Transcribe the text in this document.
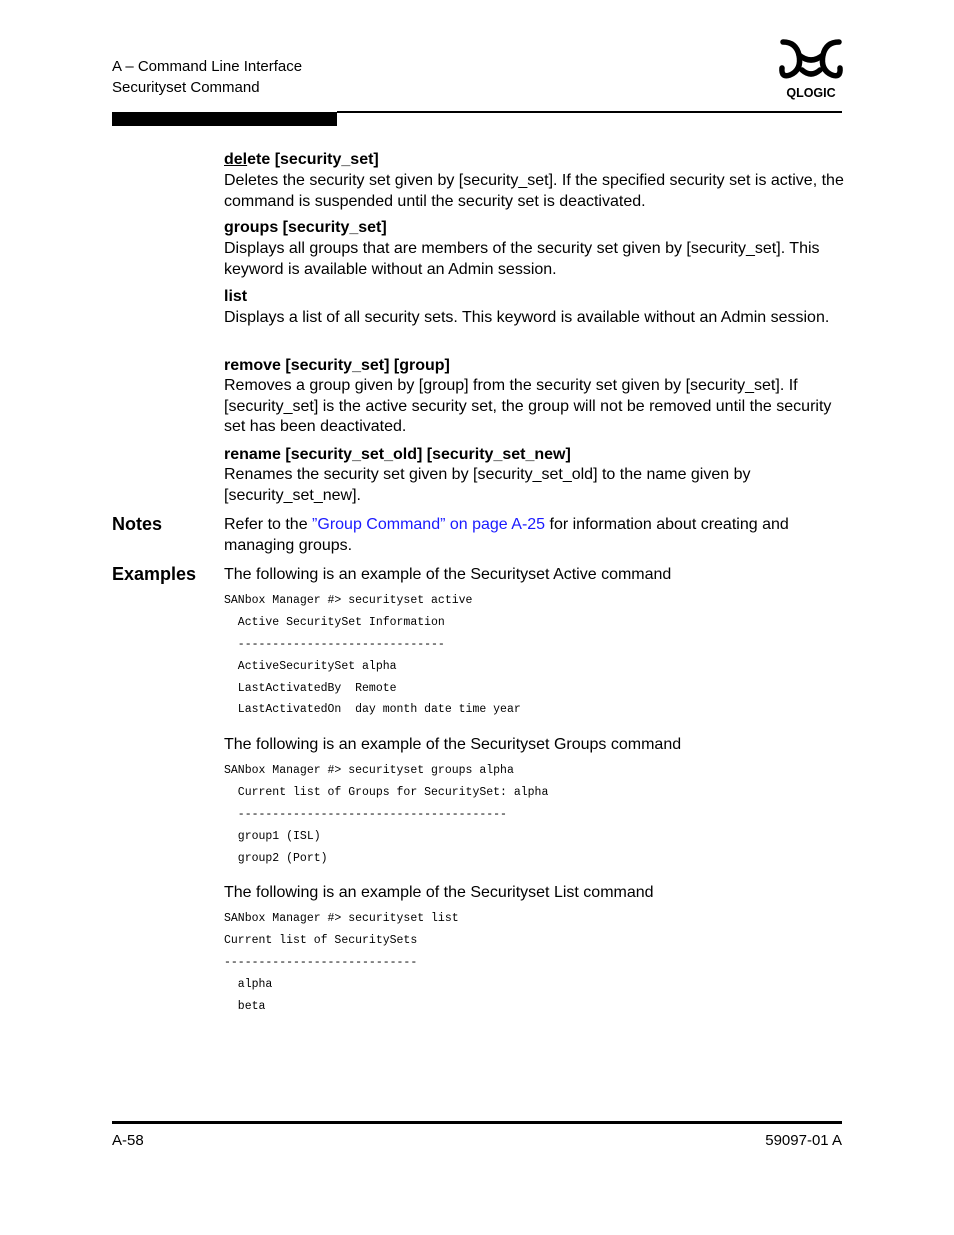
A – Command Line Interface
Securityset Command	QLOGIC
delete [security_set]
Deletes the security set given by [security_set]. If the specified security set is active, the command is suspended until the security set is deactivated.
groups [security_set]
Displays all groups that are members of the security set given by [security_set]. This keyword is available without an Admin session.
list
Displays a list of all security sets. This keyword is available without an Admin session.
remove [security_set] [group]
Removes a group given by [group] from the security set given by [security_set]. If [security_set] is the active security set, the group will not be removed until the security set has been deactivated.
rename [security_set_old] [security_set_new]
Renames the security set given by [security_set_old] to the name given by [security_set_new].
Notes	Refer to the ”Group Command” on page A-25 for information about creating and managing groups.
Examples The following is an example of the Securityset Active command
SANbox Manager #> securityset active
Active SecuritySet Information
------------------------------
ActiveSecuritySet alpha
LastActivatedBy  Remote
LastActivatedOn  day month date time year
The following is an example of the Securityset Groups command
SANbox Manager #> securityset groups alpha
Current list of Groups for SecuritySet: alpha
---------------------------------------
group1 (ISL)
group2 (Port)
The following is an example of the Securityset List command
SANbox Manager #> securityset list
Current list of SecuritySets
----------------------------
alpha
beta
A-58	59097-01 A
